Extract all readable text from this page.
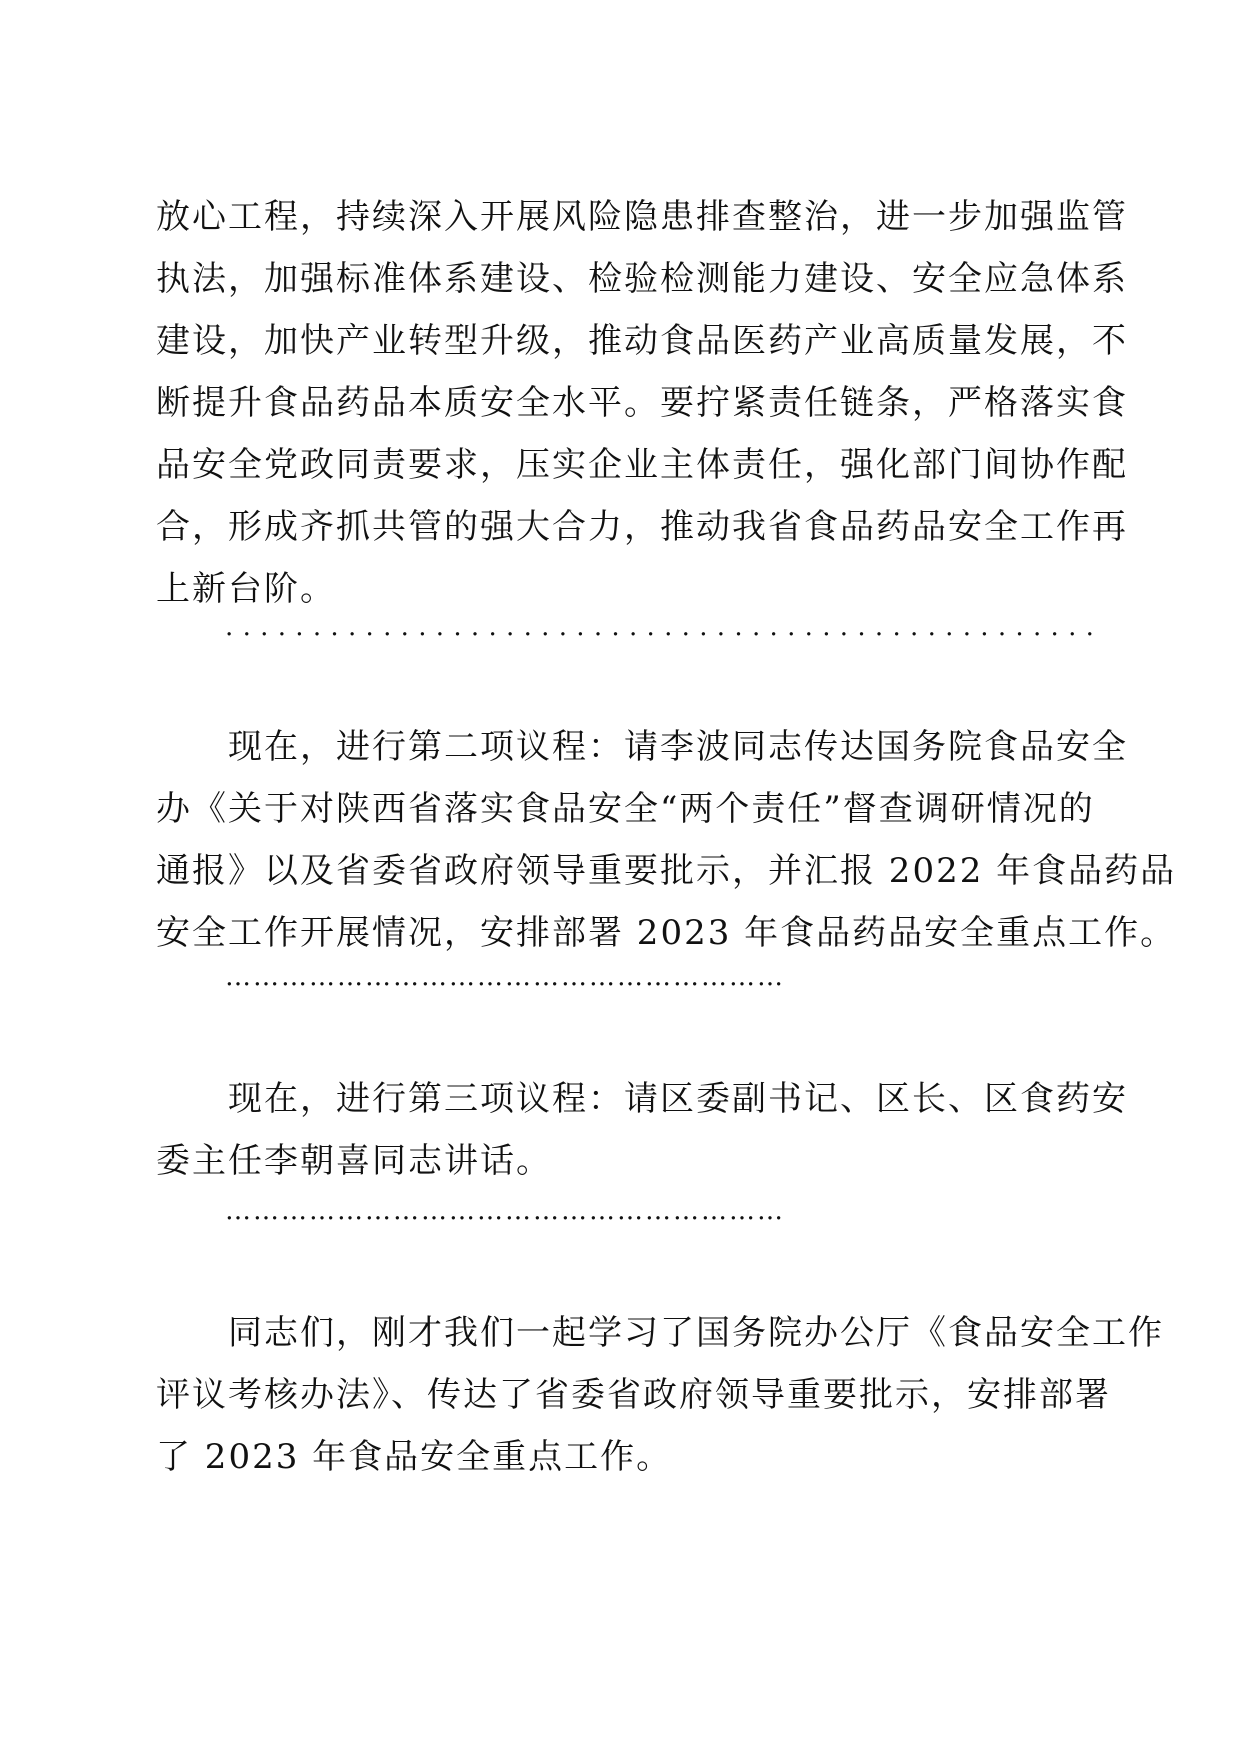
放心工程，持续深入开展风险隐患排查整治，进一步加强监管
执法，加强标准体系建设、检验检测能力建设、安全应急体系
建设，加快产业转型升级，推动食品医药产业高质量发展，不
断提升食品药品本质安全水平。要拧紧责任链条，严格落实食
品安全党政同责要求，压实企业主体责任，强化部门间协作配
合，形成齐抓共管的强大合力，推动我省食品药品安全工作再
上新台阶。
..................................................
　　现在，进行第二项议程：请李波同志传达国务院食品安全
办《关于对陕西省落实食品安全“两个责任”督查调研情况的
通报》以及省委省政府领导重要批示，并汇报 2022 年食品药品
安全工作开展情况，安排部署 2023 年食品药品安全重点工作。
……………………………………………………
　　现在，进行第三项议程：请区委副书记、区长、区食药安
委主任李朝喜同志讲话。
……………………………………………………
　　同志们，刚才我们一起学习了国务院办公厅《食品安全工作
评议考核办法》、传达了省委省政府领导重要批示，安排部署
了 2023 年食品安全重点工作。
